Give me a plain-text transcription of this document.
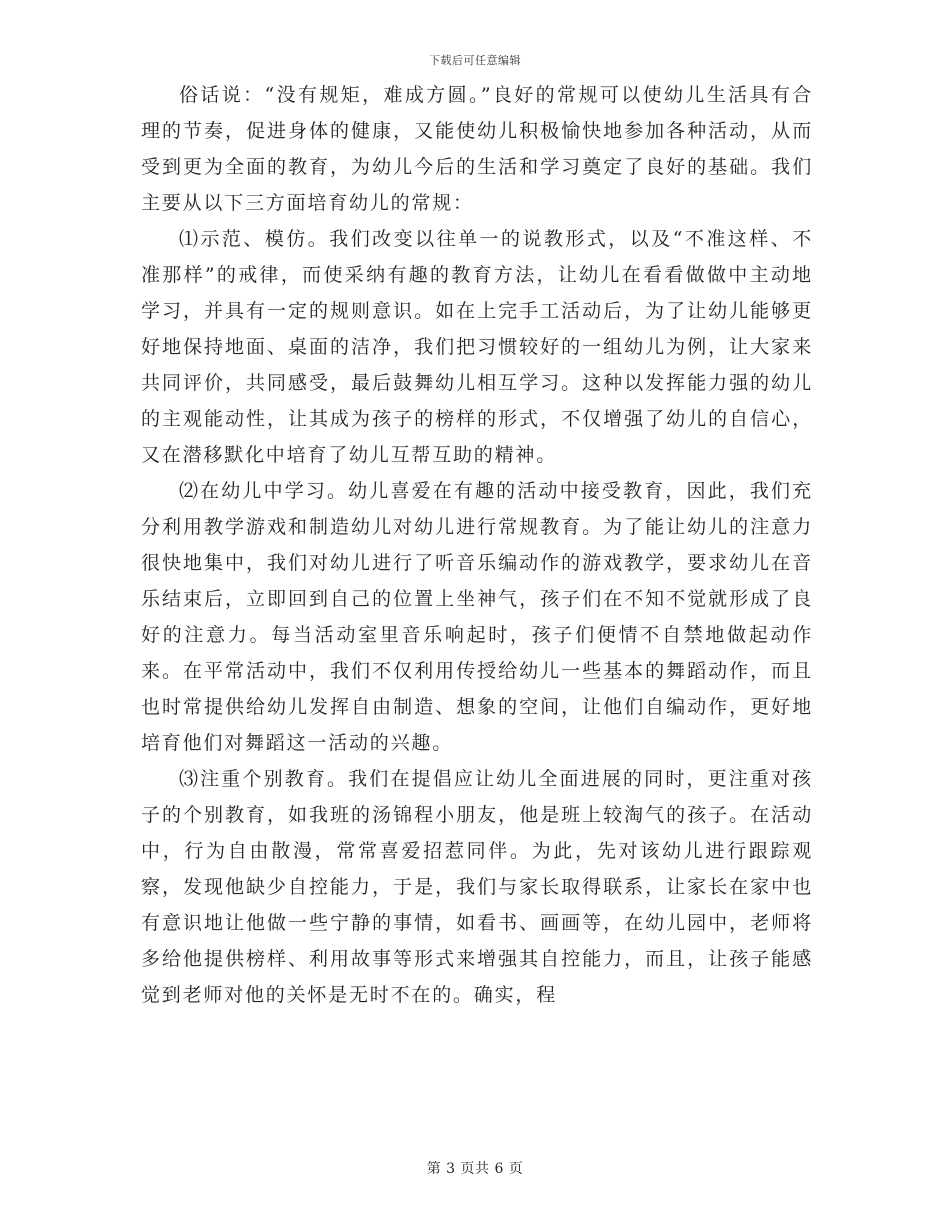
下载后可任意编辑

俗话说：“没有规矩，难成方圆。”良好的常规可以使幼儿生活具有合理的节奏，促进身体的健康，又能使幼儿积极愉快地参加各种活动，从而受到更为全面的教育，为幼儿今后的生活和学习奠定了良好的基础。我们主要从以下三方面培育幼儿的常规：

⑴示范、模仿。我们改变以往单一的说教形式，以及“不准这样、不准那样”的戒律，而使采纳有趣的教育方法，让幼儿在看看做做中主动地学习，并具有一定的规则意识。如在上完手工活动后，为了让幼儿能够更好地保持地面、桌面的洁净，我们把习惯较好的一组幼儿为例，让大家来共同评价，共同感受，最后鼓舞幼儿相互学习。这种以发挥能力强的幼儿的主观能动性，让其成为孩子的榜样的形式，不仅增强了幼儿的自信心，又在潜移默化中培育了幼儿互帮互助的精神。

⑵在幼儿中学习。幼儿喜爱在有趣的活动中接受教育，因此，我们充分利用教学游戏和制造幼儿对幼儿进行常规教育。为了能让幼儿的注意力很快地集中，我们对幼儿进行了听音乐编动作的游戏教学，要求幼儿在音乐结束后，立即回到自己的位置上坐神气，孩子们在不知不觉就形成了良好的注意力。每当活动室里音乐响起时，孩子们便情不自禁地做起动作来。在平常活动中，我们不仅利用传授给幼儿一些基本的舞蹈动作，而且也时常提供给幼儿发挥自由制造、想象的空间，让他们自编动作，更好地培育他们对舞蹈这一活动的兴趣。

⑶注重个别教育。我们在提倡应让幼儿全面进展的同时，更注重对孩子的个别教育，如我班的汤锦程小朋友，他是班上较淘气的孩子。在活动中，行为自由散漫，常常喜爱招惹同伴。为此，先对该幼儿进行跟踪观察，发现他缺少自控能力，于是，我们与家长取得联系，让家长在家中也有意识地让他做一些宁静的事情，如看书、画画等，在幼儿园中，老师将多给他提供榜样、利用故事等形式来增强其自控能力，而且，让孩子能感觉到老师对他的关怀是无时不在的。确实，程

第 3 页共 6 页
